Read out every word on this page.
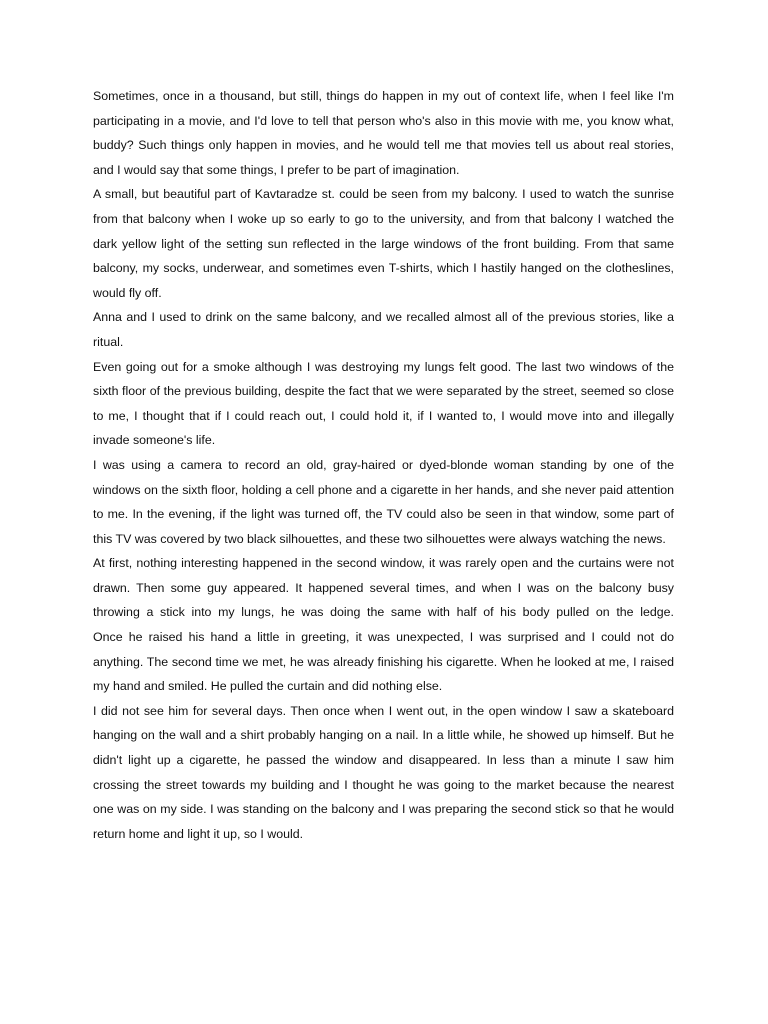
Sometimes, once in a thousand, but still, things do happen in my out of context life, when I feel like I'm participating in a movie, and I'd love to tell that person who's also in this movie with me, you know what, buddy? Such things only happen in movies, and he would tell me that movies tell us about real stories, and I would say that some things, I prefer to be part of imagination.

A small, but beautiful part of Kavtaradze st. could be seen from my balcony. I used to watch the sunrise from that balcony when I woke up so early to go to the university, and from that balcony I watched the dark yellow light of the setting sun reflected in the large windows of the front building. From that same balcony, my socks, underwear, and sometimes even T-shirts, which I hastily hanged on the clotheslines, would fly off.

Anna and I used to drink on the same balcony, and we recalled almost all of the previous stories, like a ritual.

Even going out for a smoke although I was destroying my lungs felt good. The last two windows of the sixth floor of the previous building, despite the fact that we were separated by the street, seemed so close to me, I thought that if I could reach out, I could hold it, if I wanted to, I would move into and illegally invade someone's life.

I was using a camera to record an old, gray-haired or dyed-blonde woman standing by one of the windows on the sixth floor, holding a cell phone and a cigarette in her hands, and she never paid attention to me. In the evening, if the light was turned off, the TV could also be seen in that window, some part of this TV was covered by two black silhouettes, and these two silhouettes were always watching the news.

At first, nothing interesting happened in the second window, it was rarely open and the curtains were not drawn. Then some guy appeared. It happened several times, and when I was on the balcony busy throwing a stick into my lungs, he was doing the same with half of his body pulled on the ledge.

Once he raised his hand a little in greeting, it was unexpected, I was surprised and I could not do anything. The second time we met, he was already finishing his cigarette. When he looked at me, I raised my hand and smiled. He pulled the curtain and did nothing else.

I did not see him for several days. Then once when I went out, in the open window I saw a skateboard hanging on the wall and a shirt probably hanging on a nail. In a little while, he showed up himself. But he didn't light up a cigarette, he passed the window and disappeared. In less than a minute I saw him crossing the street towards my building and I thought he was going to the market because the nearest one was on my side. I was standing on the balcony and I was preparing the second stick so that he would return home and light it up, so I would.
